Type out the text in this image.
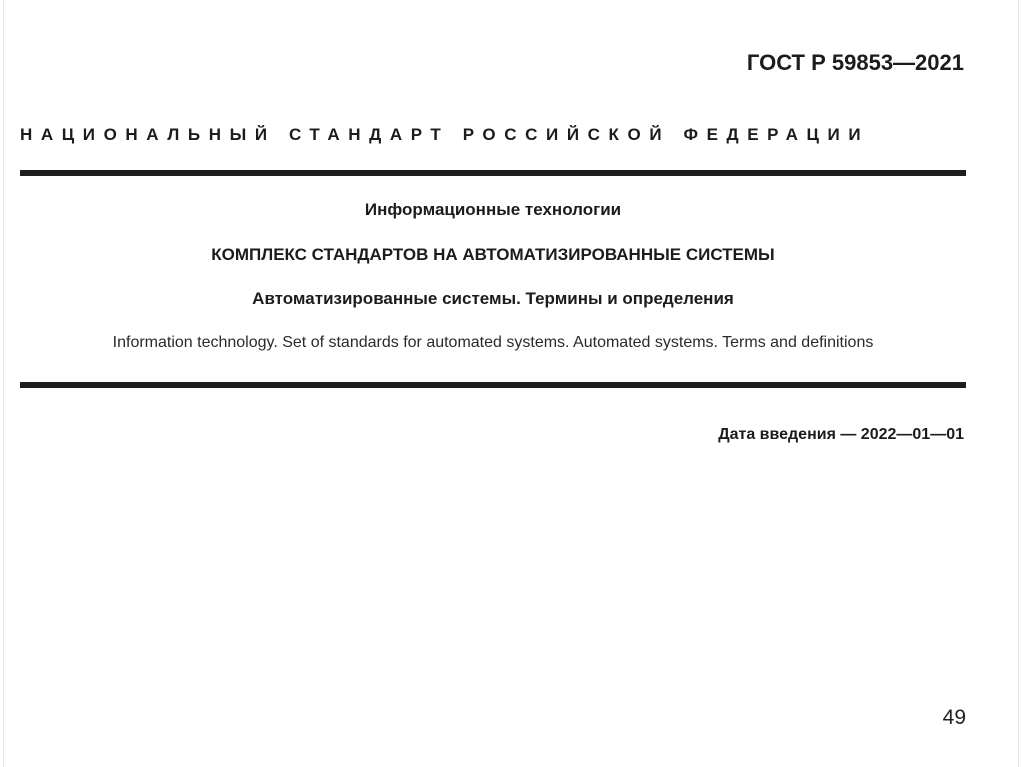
ГОСТ Р 59853—2021
НАЦИОНАЛЬНЫЙ СТАНДАРТ РОССИЙСКОЙ ФЕДЕРАЦИИ
Информационные технологии
КОМПЛЕКС СТАНДАРТОВ НА АВТОМАТИЗИРОВАННЫЕ СИСТЕМЫ
Автоматизированные системы. Термины и определения
Information technology. Set of standards for automated systems. Automated systems. Terms and definitions
Дата введения — 2022—01—01
49
